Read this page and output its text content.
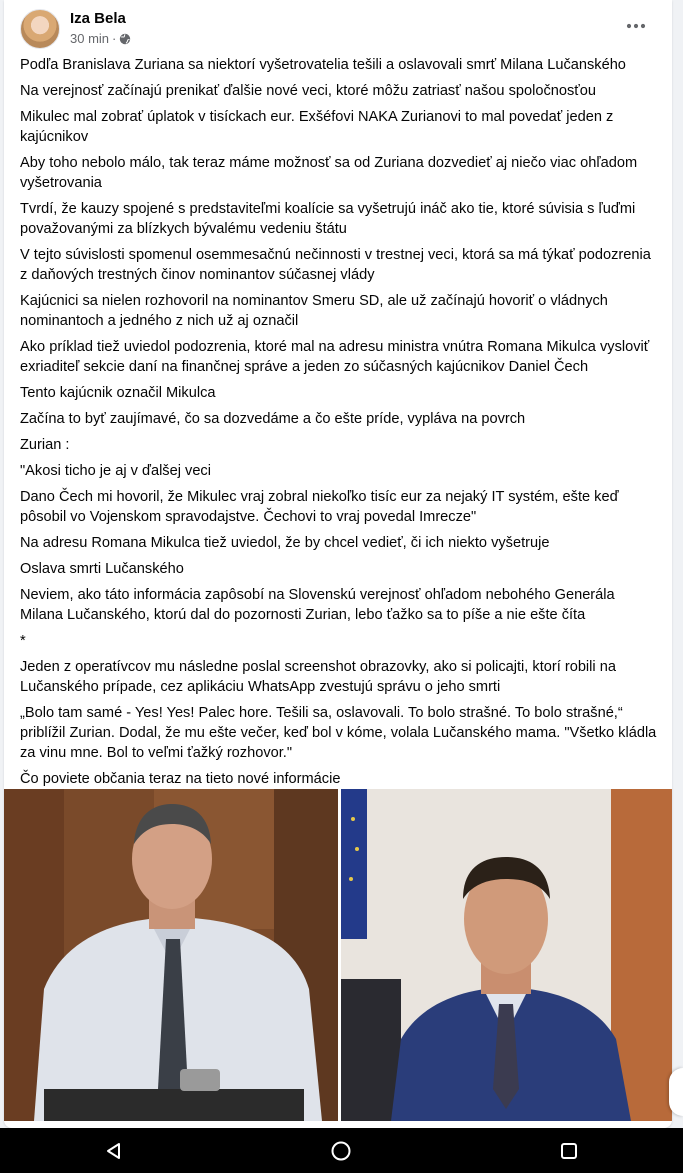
Iza Bela
30 min ·

Podľa Branislava Zuriana sa niektorí vyšetrovatelia tešili a oslavovali smrť Milana Lučanského

Na verejnosť začínajú prenikať ďalšie nové veci, ktoré môžu zatriasť našou spoločnosťou

Mikulec mal zobrať úplatok v tisíckach eur. Exšéfovi NAKA Zurianovi to mal povedať jeden z kajúcnikov

Aby toho nebolo málo, tak teraz máme možnosť sa od Zuriana dozvedieť aj niečo viac ohľadom vyšetrovania

Tvrdí, že kauzy spojené s predstaviteľmi koalície sa vyšetrujú ináč ako tie, ktoré súvisia s ľuďmi považovanými za blízkych bývalému vedeniu štátu

V tejto súvislosti spomenul osemmesačnú nečinnosti v trestnej veci, ktorá sa má týkať podozrenia z daňových trestných činov nominantov súčasnej vlády

Kajúcnici sa nielen rozhovoril na nominantov Smeru SD, ale už začínajú hovoriť o vládnych nominantoch a jedného z nich už aj označil

Ako príklad tiež uviedol podozrenia, ktoré mal na adresu ministra vnútra Romana Mikulca vysloviť exriaditeľ sekcie daní na finančnej správe a jeden zo súčasných kajúcnikov Daniel Čech

Tento kajúcnik označil Mikulca

Začína to byť zaujímavé, čo sa dozvedáme a čo ešte príde, vypláva na povrch

Zurian :

"Akosi ticho je aj v ďalšej veci

Dano Čech mi hovoril, že Mikulec vraj zobral niekoľko tisíc eur za nejaký IT systém, ešte keď pôsobil vo Vojenskom spravodajstve. Čechovi to vraj povedal Imrecze"

Na adresu Romana Mikulca tiež uviedol, že by chcel vedieť, či ich niekto vyšetruje

Oslava smrti Lučanského

Neviem, ako táto informácia zapôsobí na Slovenskú verejnosť ohľadom nebohého Generála Milana Lučanského, ktorú dal do pozornosti Zurian, lebo ťažko sa to píše a nie ešte číta

*

Jeden z operatívcov mu následne poslal screenshot obrazovky, ako si policajti, ktorí robili na Lučanského prípade, cez aplikáciu WhatsApp zvestujú správu o jeho smrti

„Bolo tam samé - Yes! Yes! Palec hore. Tešili sa, oslavovali. To bolo strašné. To bolo strašné,“ priblížil Zurian. Dodal, že mu ešte večer, keď bol v kóme, volala Lučanského mama. "Všetko kládla za vinu mne. Bol to veľmi ťažký rozhovor."

Čo poviete občania teraz na tieto nové informácie
